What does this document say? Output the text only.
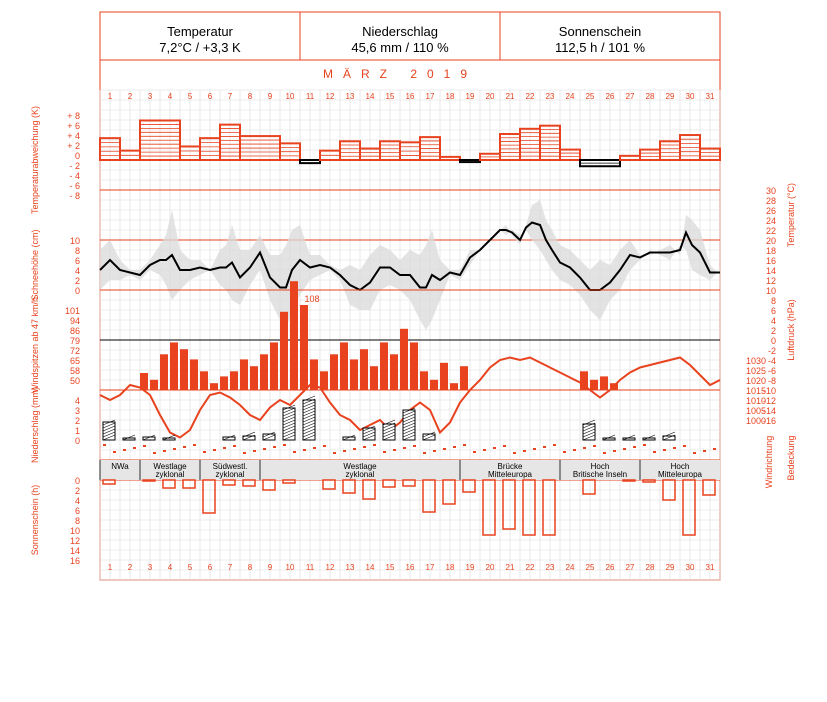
Temperatur
7,2°C / +3,3 K
Niederschlag
45,6 mm / 110 %
Sonnenschein
112,5 h / 101 %
MÄRZ 2019
1 2 3 4 5 6 7 8 9 10 11 12 13 14 15 16 17 18 19 20 21 22 23 24 25 26 27 28 29 30 31
1 2 3 4 5 6 7 8 9 10 11 12 13 14 15 16 17 18 19 20 21 22 23 24 25 26 27 28 29 30 31
108
NWa	Westlage
zyklonal
Südwestl.
zyklonal
Westlage
zyklonal
Brücke
Mitteleuropa
Hoch
Britische Inseln
Hoch
Mitteleuropa
+ 8
+ 6
+ 4
+ 2
0
- 2
- 4
- 6
- 8	30
28
26
24
22
20
18
16
14
12
10
8
6
4
2
0
-2
-4
-6
-8
-10
-12
-14
-16
10
8
6
4
2
0
101
94
86
79
72
65
58
50
1030
1025
1020
1015
1010
1005
1000
4
3
2
1
0
0
2
4
6
8
10
12
14
16
Temperaturabweichung (K)
Temperatur (°C)
Schneehöhe (cm)
Windspitzen ab 47 km/h	Luftdruck (hPa)
Niederschlag (mm)	Windrichtung Bedeckung
Sonnenschein (h)
